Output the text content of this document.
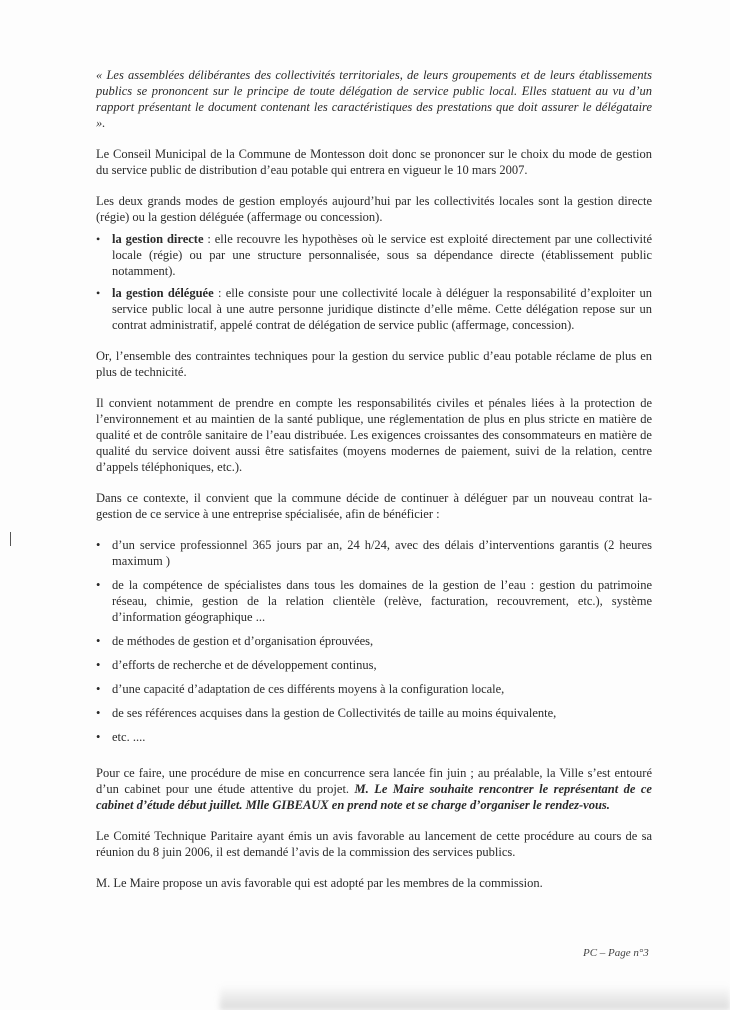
« Les assemblées délibérantes des collectivités territoriales, de leurs groupements et de leurs établissements publics se prononcent sur le principe de toute délégation de service public local. Elles statuent au vu d’un rapport présentant le document contenant les caractéristiques des prestations que doit assurer le délégataire ».

Le Conseil Municipal de la Commune de Montesson doit donc se prononcer sur le choix du mode de gestion du service public de distribution d’eau potable qui entrera en vigueur le 10 mars 2007.

Les deux grands modes de gestion employés aujourd’hui par les collectivités locales sont la gestion directe (régie) ou la gestion déléguée (affermage ou concession).

• la gestion directe : elle recouvre les hypothèses où le service est exploité directement par une collectivité locale (régie) ou par une structure personnalisée, sous sa dépendance directe (établissement public notamment).
• la gestion déléguée : elle consiste pour une collectivité locale à déléguer la responsabilité d’exploiter un service public local à une autre personne juridique distincte d’elle même. Cette délégation repose sur un contrat administratif, appelé contrat de délégation de service public (affermage, concession).

Or, l’ensemble des contraintes techniques pour la gestion du service public d’eau potable réclame de plus en plus de technicité.

Il convient notamment de prendre en compte les responsabilités civiles et pénales liées à la protection de l’environnement et au maintien de la santé publique, une réglementation de plus en plus stricte en matière de qualité et de contrôle sanitaire de l’eau distribuée. Les exigences croissantes des consommateurs en matière de qualité du service doivent aussi être satisfaites (moyens modernes de paiement, suivi de la relation, centre d’appels téléphoniques, etc.).

Dans ce contexte, il convient que la commune décide de continuer à déléguer par un nouveau contrat la-gestion de ce service à une entreprise spécialisée, afin de bénéficier :

• d’un service professionnel 365 jours par an, 24 h/24, avec des délais d’interventions garantis (2 heures maximum )
• de la compétence de spécialistes dans tous les domaines de la gestion de l’eau : gestion du patrimoine réseau, chimie, gestion de la relation clientèle (relève, facturation, recouvrement, etc.), système d’information géographique ...
• de méthodes de gestion et d’organisation éprouvées,
• d’efforts de recherche et de développement continus,
• d’une capacité d’adaptation de ces différents moyens à la configuration locale,
• de ses références acquises dans la gestion de Collectivités de taille au moins équivalente,
• etc. ....

Pour ce faire, une procédure de mise en concurrence sera lancée fin juin ; au préalable, la Ville s’est entouré d’un cabinet pour une étude attentive du projet. M. Le Maire souhaite rencontrer le représentant de ce cabinet d’étude début juillet. Mlle GIBEAUX en prend note et se charge d’organiser le rendez-vous.

Le Comité Technique Paritaire ayant émis un avis favorable au lancement de cette procédure au cours de sa réunion du 8 juin 2006, il est demandé l’avis de la commission des services publics.

M. Le Maire propose un avis favorable qui est adopté par les membres de la commission.

PC – Page n°3
